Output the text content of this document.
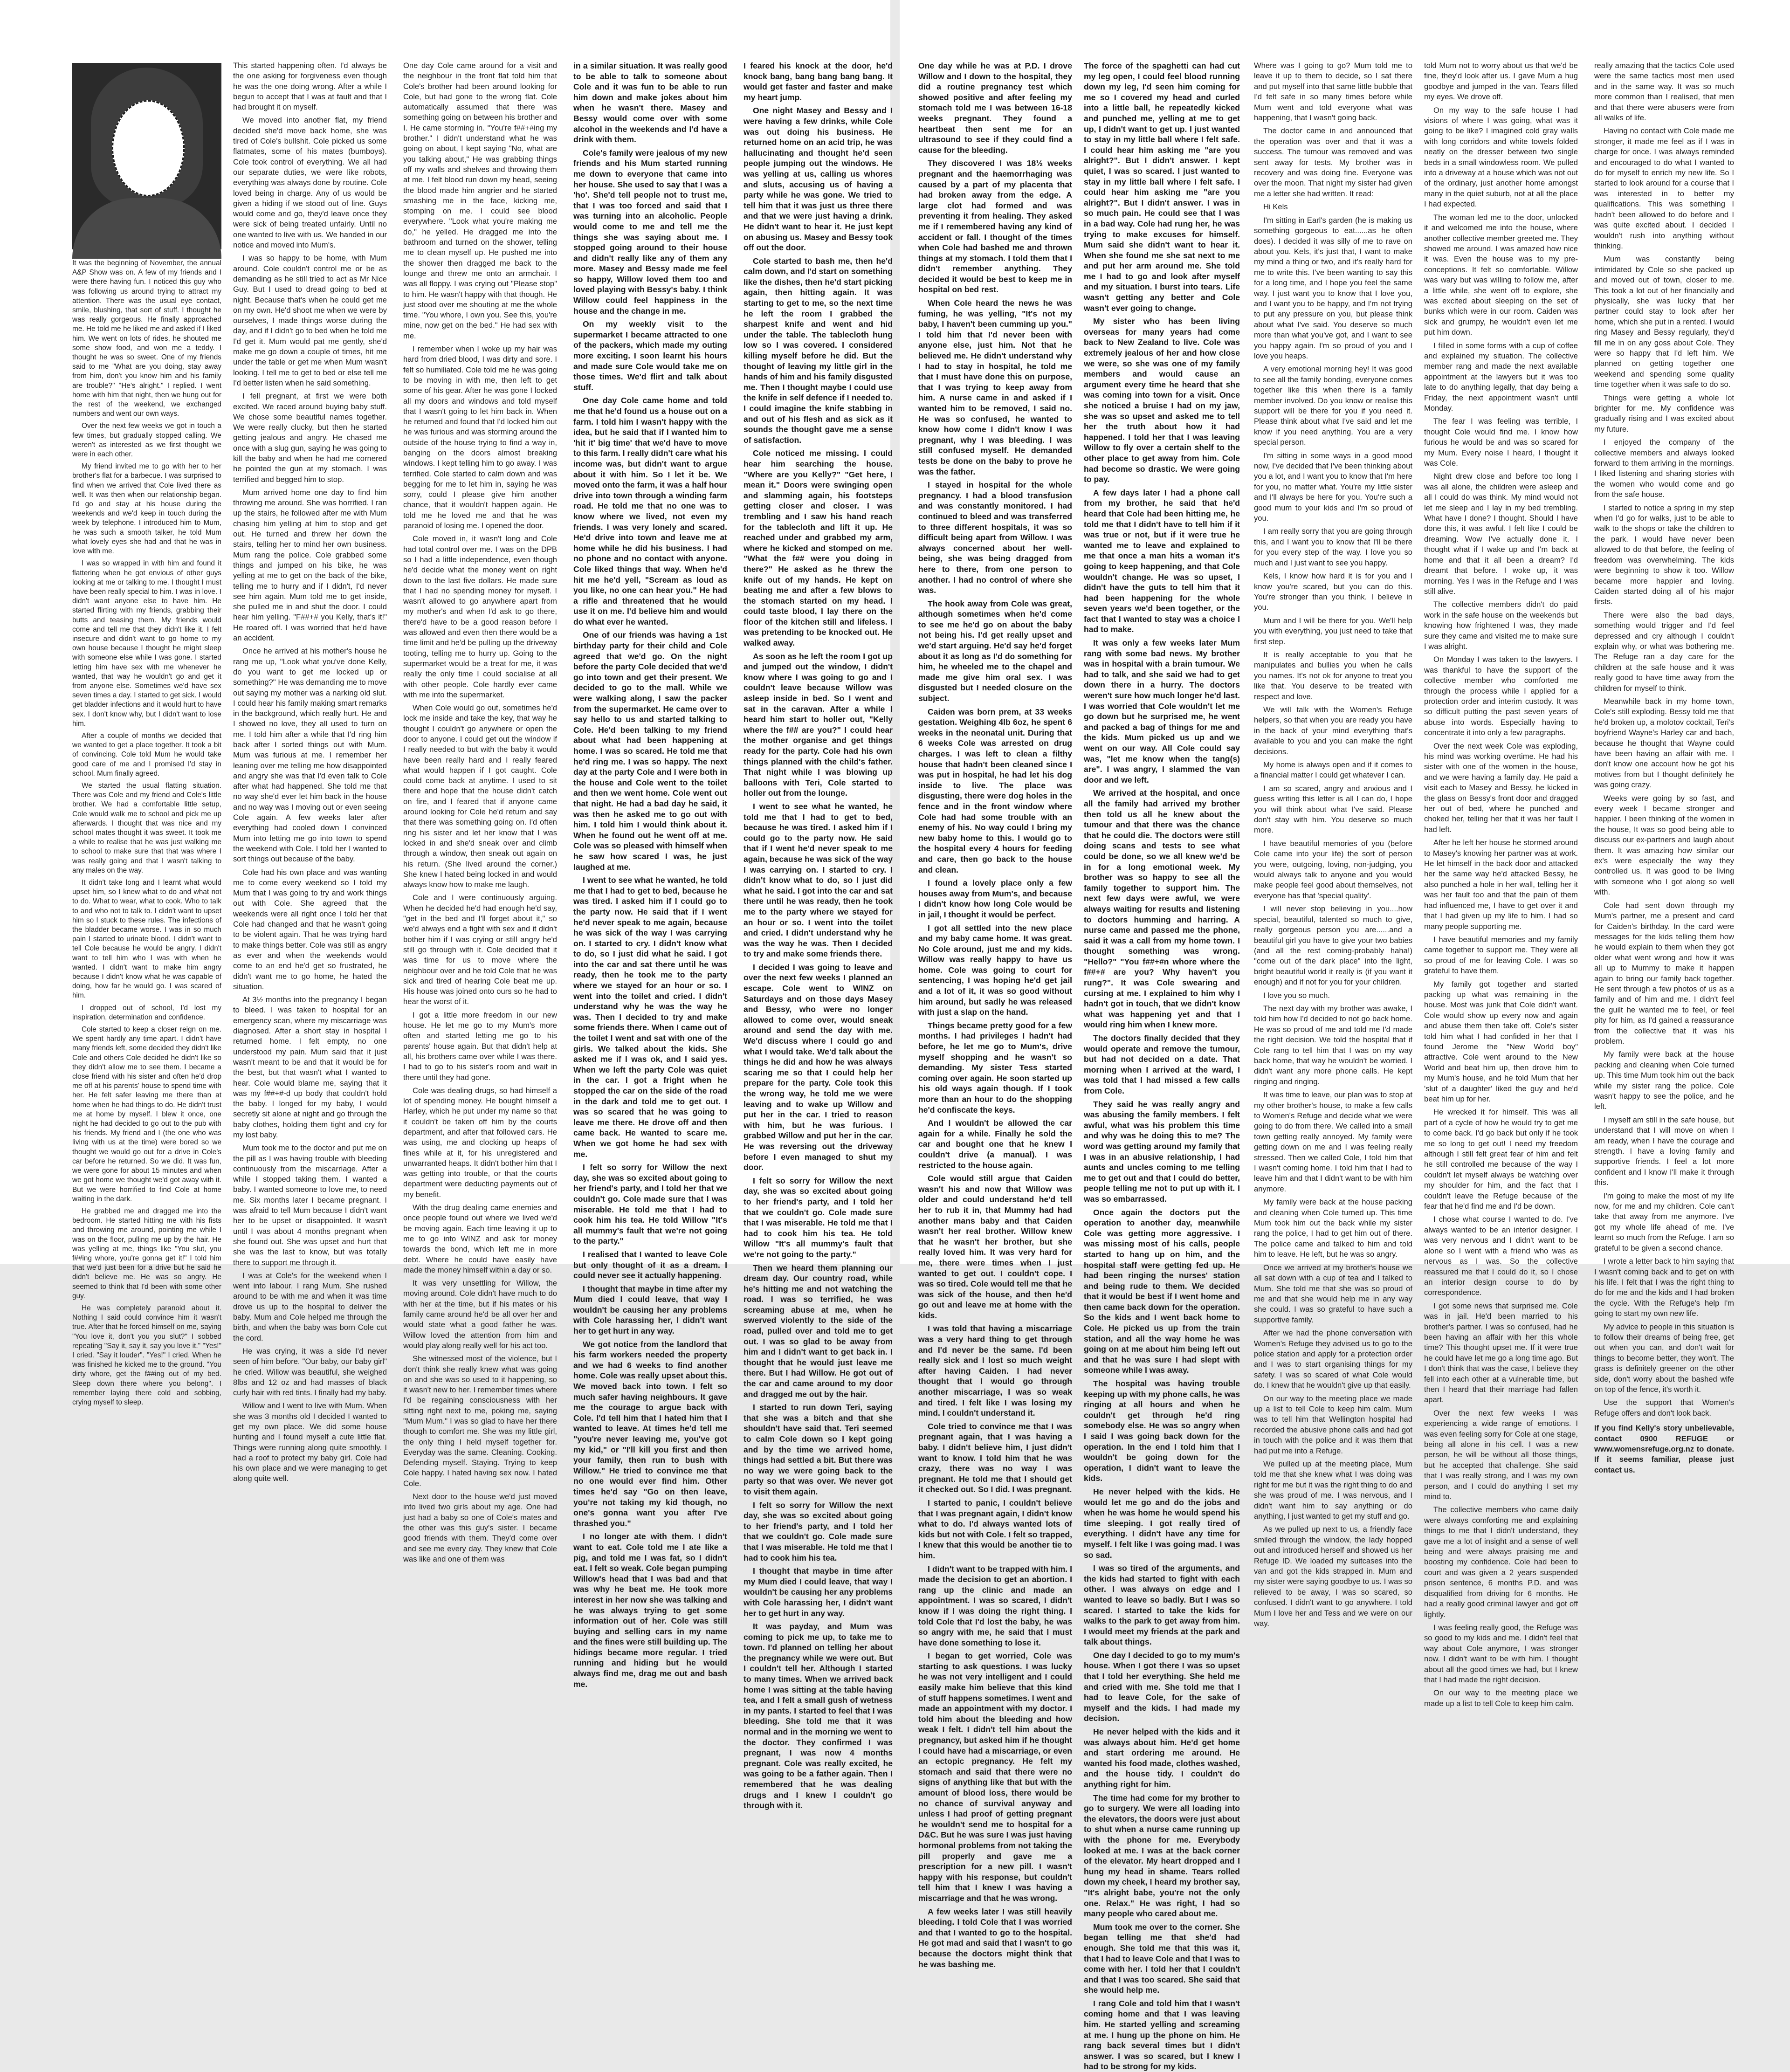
It was the beginning of November, the annual A&P Show was on. A few of my friends and I were there having fun. I noticed this guy who was following us around trying to attract my attention. There was the usual eye contact, smile, blushing, that sort of stuff. I thought he was really gorgeous. He finally approached me. He told me he liked me and asked if I liked him. We went on lots of rides, he shouted me some show food, and won me a teddy. I thought he was so sweet. One of my friends said to me "What are you doing, stay away from him, don't you know him and his family are trouble?" "He's alright." I replied. I went home with him that night, then we hung out for the rest of the weekend, we exchanged numbers and went our own ways.

Over the next few weeks we got in touch a few times, but gradually stopped calling. We weren't as interested as we first thought we were in each other.

My friend invited me to go with her to her brother's flat for a barbecue. I was surprised to find when we arrived that Cole lived there as well. It was then when our relationship began. I'd go and stay at his house during the weekends and we'd keep in touch during the week by telephone. I introduced him to Mum, he was such a smooth talker, he told Mum what lovely eyes she had and that he was in love with me.

I was so wrapped in with him and found it flattering when he got envious of other guys looking at me or talking to me. I thought I must have been really special to him. I was in love. I didn't want anyone else to have him. He started flirting with my friends, grabbing their butts and teasing them. My friends would come and tell me that they didn't like it. I felt insecure and didn't want to go home to my own house because I thought he might sleep with someone else while I was gone. I started letting him have sex with me whenever he wanted, that way he wouldn't go and get it from anyone else. Sometimes we'd have sex seven times a day. I started to get sick. I would get bladder infections and it would hurt to have sex. I don't know why, but I didn't want to lose him.

After a couple of months we decided that we wanted to get a place together. It took a bit of convincing. Cole told Mum he would take good care of me and I promised I'd stay in school. Mum finally agreed.

We started the usual flatting situation. There was Cole and my friend and Cole's little brother. We had a comfortable little setup, Cole would walk me to school and pick me up afterwards. I thought that was nice and my school mates thought it was sweet. It took me a while to realise that he was just walking me to school to make sure that that was where I was really going and that I wasn't talking to any males on the way.

It didn't take long and I learnt what would upset him, so I knew what to do and what not to do. What to wear, what to cook. Who to talk to and who not to talk to. I didn't want to upset him so I stuck to these rules. The infections of the bladder became worse. I was in so much pain I started to urinate blood. I didn't want to tell Cole because he would be angry. I didn't want to tell him who I was with when he wanted. I didn't want to make him angry because I didn't know what he was capable of doing, how far he would go. I was scared of him.

I dropped out of school, I'd lost my inspiration, determination and confidence.

Cole started to keep a closer reign on me. We spent hardly any time apart. I didn't have many friends left, some decided they didn't like Cole and others Cole decided he didn't like so they didn't allow me to see them. I became a close friend with his sister and often he'd drop me off at his parents' house to spend time with her. He felt safer leaving me there than at home when he had things to do. He didn't trust me at home by myself. I blew it once, one night he had decided to go out to the pub with his friends. My friend and I (the one who was living with us at the time) were bored so we thought we would go out for a drive in Cole's car before he returned. So we did. It was fun, we were gone for about 15 minutes and when we got home we thought we'd got away with it. But we were horrified to find Cole at home waiting in the dark.

He grabbed me and dragged me into the bedroom. He started hitting me with his fists and throwing me around, pointing me while I was on the floor, pulling me up by the hair. He was yelling at me, things like "You slut, you f##ing whore, you're gonna get it!" I told him that we'd just been for a drive but he said he didn't believe me. He was so angry. He seemed to think that I'd been with some other guy.

He was completely paranoid about it. Nothing I said could convince him it wasn't true. After that he forced himself on me, saying "You love it, don't you you slut?" I sobbed repeating "Say it, say it, say you love it." "Yes!" I cried. "Say it louder". "Yes!" I cried. When he was finished he kicked me to the ground. "You dirty whore, get the f##ing out of my bed. Sleep down there where you belong". I remember laying there cold and sobbing, crying myself to sleep.

This started happening often. I'd always be the one asking for forgiveness even though he was the one doing wrong. After a while I begun to accept that I was at fault and that I had brought it on myself.

We moved into another flat, my friend decided she'd move back home, she was tired of Cole's bullshit. Cole picked us some flatmates, some of his mates (bumboys). Cole took control of everything. We all had our separate duties, we were like robots, everything was always done by routine. Cole loved being in charge. Any of us would be given a hiding if we stood out of line. Guys would come and go, they'd leave once they were sick of being treated unfairly. Until no one wanted to live with us. We handed in our notice and moved into Mum's.

I was so happy to be home, with Mum around. Cole couldn't control me or be as demanding as he still tried to act as Mr Nice Guy. But I used to dread going to bed at night. Because that's when he could get me on my own. He'd shoot me when we were by ourselves, I made things worse during the day, and if I didn't go to bed when he told me I'd get it. Mum would pat me gently, she'd make me go down a couple of times, hit me under the table or get me when Mum wasn't looking. I tell me to get to bed or else tell me I'd better listen when he said something.

I fell pregnant, at first we were both excited. We raced around buying baby stuff. We chose some beautiful names together. We were really clucky, but then he started getting jealous and angry. He chased me once with a slug gun, saying he was going to kill the baby and when he had me cornered he pointed the gun at my stomach. I was terrified and begged him to stop.

Mum arrived home one day to find him throwing me around. She was horrified. I ran up the stairs, he followed after me with Mum chasing him yelling at him to stop and get out. He turned and threw her down the stairs, telling her to mind her own business. Mum rang the police. Cole grabbed some things and jumped on his bike, he was yelling at me to get on the back of the bike, telling me to hurry and if I didn't, I'd never see him again. Mum told me to get inside, she pulled me in and shut the door. I could hear him yelling. "F##+# you Kelly, that's it!" He roared off. I was worried that he'd have an accident.

Once he arrived at his mother's house he rang me up, "Look what you've done Kelly, do you want to get me locked up or something?" He was demanding me to move out saying my mother was a narking old slut. I could hear his family making smart remarks in the background, which really hurt. He and I showed no love, they all used to turn on me. I told him after a while that I'd ring him back after I sorted things out with Mum. Mum was furious at me. I remember her leaning over me telling me how disappointed and angry she was that I'd even talk to Cole after what had happened. She told me that no way she'd ever let him back in the house and no way was I moving out or even seeing Cole again. A few weeks later after everything had cooled down I convinced Mum into letting me go into town to spend the weekend with Cole. I told her I wanted to sort things out because of the baby.

Cole had his own place and was wanting me to come every weekend so I told my Mum that I was going to try and work things out with Cole. She agreed that the weekends were all right once I told her that Cole had changed and that he wasn't going to be violent again. That he was trying hard to make things better. Cole was still as angry as ever and when the weekends would come to an end he'd get so frustrated, he didn't want me to go home, he hated the situation.

At 3½ months into the pregnancy I began to bleed. I was taken to hospital for an emergency scan, where my miscarriage was diagnosed. After a short stay in hospital I returned home. I felt empty, no one understood my pain. Mum said that it just wasn't meant to be and that it would be for the best, but that wasn't what I wanted to hear. Cole would blame me, saying that it was my f##+#-d up body that couldn't hold the baby. I longed for my baby, I would secretly sit alone at night and go through the baby clothes, holding them tight and cry for my lost baby.

Mum took me to the doctor and put me on the pill as I was having trouble with bleeding continuously from the miscarriage. After a while I stopped taking them. I wanted a baby. I wanted someone to love me, to need me. Six months later I became pregnant. I was afraid to tell Mum because I didn't want her to be upset or disappointed. It wasn't until I was about 4 months pregnant when she found out. She was upset and hurt that she was the last to know, but was totally there to support me through it.

I was at Cole's for the weekend when I went into labour. I rang Mum. She rushed around to be with me and when it was time drove us up to the hospital to deliver the baby. Mum and Cole helped me through the birth, and when the baby was born Cole cut the cord.

He was crying, it was a side I'd never seen of him before. "Our baby, our baby girl" he cried. Willow was beautiful, she weighed 8lbs and 12 oz and had masses of black curly hair with red tints. I finally had my baby.

Willow and I went to live with Mum. When she was 3 months old I decided I wanted to get my own place. We did some house hunting and I found myself a cute little flat. Things were running along quite smoothly. I had a roof to protect my baby girl. Cole had his own place and we were managing to get along quite well.

One day Cole came around for a visit and the neighbour in the front flat told him that Cole's brother had been around looking for Cole, but had gone to the wrong flat. Cole automatically assumed that there was something going on between his brother and I. He came storming in. "You're f##+#ing my brother." I didn't understand what he was going on about, I kept saying "No, what are you talking about," He was grabbing things off my walls and shelves and throwing them at me. I felt blood run down my head, seeing the blood made him angrier and he started smashing me in the face, kicking me, stomping on me. I could see blood everywhere. "Look what you're making me do," he yelled. He dragged me into the bathroom and turned on the shower, telling me to clean myself up. He pushed me into the shower then dragged me back to the lounge and threw me onto an armchair. I was all floppy. I was crying out "Please stop" to him. He wasn't happy with that though. He just stood over me shouting at me the whole time. "You whore, I own you. See this, you're mine, now get on the bed." He had sex with me.

I remember when I woke up my hair was hard from dried blood, I was dirty and sore. I felt so humiliated. Cole told me he was going to be moving in with me, then left to get some of his gear. After he was gone I locked all my doors and windows and told myself that I wasn't going to let him back in. When he returned and found that I'd locked him out he was furious and was storming around the outside of the house trying to find a way in, banging on the doors almost breaking windows. I kept telling him to go away. I was terrified. Cole started to calm down and was begging for me to let him in, saying he was sorry, could I please give him another chance, that it wouldn't happen again. He told me he loved me and that he was paranoid of losing me. I opened the door.

Cole moved in, it wasn't long and Cole had total control over me. I was on the DPB so I had a little independence, even though he'd decide what the money went on right down to the last five dollars. He made sure that I had no spending money for myself. I wasn't allowed to go anywhere apart from my mother's and when I'd ask to go there, there'd have to be a good reason before I was allowed and even then there would be a time limit and he'd be pulling up the driveway tooting, telling me to hurry up. Going to the supermarket would be a treat for me, it was really the only time I could socialise at all with other people. Cole hardly ever came with me into the supermarket.

When Cole would go out, sometimes he'd lock me inside and take the key, that way he thought I couldn't go anywhere or open the door to anyone. I could get out the window if I really needed to but with the baby it would have been really hard and I really feared what would happen if I got caught. Cole could come back at anytime. I used to sit there and hope that the house didn't catch on fire, and I feared that if anyone came around looking for Cole he'd return and say that there was something going on. I'd often ring his sister and let her know that I was locked in and she'd sneak over and climb through a window, then sneak out again on his return. (She lived around the corner.) She knew I hated being locked in and would always know how to make me laugh.

Cole and I were continuously arguing. When he decided he'd had enough he'd say, "get in the bed and I'll forget about it," so we'd always end a fight with sex and it didn't bother him if I was crying or still angry he'd still go through with it. Cole decided that it was time for us to move where the neighbour over and he told Cole that he was sick and tired of hearing Cole beat me up. His house was joined onto ours so he had to hear the worst of it.

I got a little more freedom in our new house. He let me go to my Mum's more often and started letting me go to his parents' house again. But that didn't help at all, his brothers came over while I was there. I had to go to his sister's room and wait in there until they had gone.

Cole was dealing drugs, so had himself a lot of spending money. He bought himself a Harley, which he put under my name so that it couldn't be taken off him by the courts department, and after that followed cars. He was using, me and clocking up heaps of fines while at it, for his unregistered and unwarranted heaps. It didn't bother him that I was getting into trouble, or that the courts department were deducting payments out of my benefit.

With the drug dealing came enemies and once people found out where we lived we'd be moving again. Each time leaving it up to me to go into WINZ and ask for money towards the bond, which left me in more debt. Where he could have easily have made the money himself within a day or so.

It was very unsettling for Willow, the moving around. Cole didn't have much to do with her at the time, but if his mates or his family came around he'd be all over her and would state what a good father he was. Willow loved the attention from him and would play along really well for his act too.

She witnessed most of the violence, but I don't think she really knew what was going on and she was so used to it happening, so it wasn't new to her. I remember times where I'd be regaining consciousness with her sitting right next to me, poking me, saying "Mum Mum." I was so glad to have her there though to comfort me. She was my little girl, the only thing I held myself together for. Everyday was the same. Cleaning. Cooking. Defending myself. Staying. Trying to keep Cole happy. I hated having sex now. I hated Cole.

Next door to the house we'd just moved into lived two girls about my age. One had just had a baby so one of Cole's mates and the other was this guy's sister. I became good friends with them. They'd come over and see me every day. They knew that Cole was like and one of them was

in a similar situation. It was really good to be able to talk to someone about Cole and it was fun to be able to run him down and make jokes about him when he wasn't there. Masey and Bessy would come over with some alcohol in the weekends and I'd have a drink with them.

Cole's family were jealous of my new friends and his Mum started running me down to everyone that came into her house. She used to say that I was a 'ho'. She'd tell people not to trust me, that I was too forced and said that I was turning into an alcoholic. People would come to me and tell me the things she was saying about me. I stopped going around to their house and didn't really like any of them any more. Masey and Bessy made me feel so happy, Willow loved them too and loved playing with Bessy's baby. I think Willow could feel happiness in the house and the change in me.

On my weekly visit to the supermarket I became attracted to one of the packers, which made my outing more exciting. I soon learnt his hours and made sure Cole would take me on those times. We'd flirt and talk about stuff.

One day Cole came home and told me that he'd found us a house out on a farm. I told him I wasn't happy with the idea, but he said that if I wanted him to 'hit it' big time' that we'd have to move to this farm. I really didn't care what his income was, but didn't want to argue about it with him. So I let it be. We moved onto the farm, it was a half hour drive into town through a winding farm road. He told me that no one was to know where we lived, not even my friends. I was very lonely and scared. He'd drive into town and leave me at home while he did his business. I had no phone and no contact with anyone. Cole liked things that way. When he'd hit me he'd yell, "Scream as loud as you like, no one can hear you." He had a rifle and threatened that he would use it on me. I'd believe him and would do what ever he wanted.

One of our friends was having a 1st birthday party for their child and Cole agreed that we'd go. On the night before the party Cole decided that we'd go into town and get their present. We decided to go to the mall. While we were walking along, I saw the packer from the supermarket. He came over to say hello to us and started talking to Cole. He'd been talking to my friend about what had been happening at home. I was so scared. He told me that he'd ring me. I was so happy. The next day at the party Cole and I were both in the house and Cole went to the toilet and then we went home. Cole went out that night. He had a bad day he said, it was then he asked me to go out with him. I told him I would think about it. When he found out he went off at me. Cole was so pleased with himself when he saw how scared I was, he just laughed at me.

I went to see what he wanted, he told me that I had to get to bed, because he was tired. I asked him if I could go to the party now. He said that if I went he'd never speak to me again, because he was sick of the way I was carrying on. I started to cry. I didn't know what to do, so I just did what he said. I got into the car and sat there until he was ready, then he took me to the party where we stayed for an hour or so. I went into the toilet and cried. I didn't understand why he was the way he was. Then I decided to try and make some friends there. When I came out of the toilet I went and sat with one of the girls. We talked about the kids. She asked me if I was ok, and I said yes. When we left the party Cole was quiet in the car. I got a fright when he stopped the car on the side of the road in the dark and told me to get out. I was so scared that he was going to leave me there. He drove off and then came back. He wanted to scare me. When we got home he had sex with me.

I felt so sorry for Willow the next day, she was so excited about going to her friend's party, and I told her that we couldn't go. Cole made sure that I was miserable. He told me that I had to cook him his tea. He told Willow "It's all mummy's fault that we're not going to the party."

I realised that I wanted to leave Cole but only thought of it as a dream. I could never see it actually happening.

I thought that maybe in time after my Mum died I could leave, that way I wouldn't be causing her any problems with Cole harassing her, I didn't want her to get hurt in any way.

We got notice from the landlord that his farm workers needed the property and we had 6 weeks to find another home. Cole was really upset about this. We moved back into town. I felt so much safer having neighbours. It gave me the courage to argue back with Cole. I'd tell him that I hated him that I wanted to leave. At times he'd tell me "you're never leaving me, you've got my kid," or "I'll kill you first and then your family, then run to bush with Willow." He tried to convince me that no one would ever find him. Other times he'd say "Go on then leave, you're not taking my kid though, no one's gonna want you after I've thrashed you."

I no longer ate with them. I didn't want to eat. Cole told me I ate like a pig, and told me I was fat, so I didn't eat. I felt so weak. Cole began pumping Willow's head that I was bad and that was why he beat me. He took more interest in her now she was talking and he was always trying to get some information out of her. Cole was still buying and selling cars in my name and the fines were still building up. The hidings became more regular. I tried running and hiding but he would always find me, drag me out and bash me.

I feared his knock at the door, he'd knock bang, bang bang bang bang. It would get faster and faster and make my heart jump.

One night Masey and Bessy and I were having a few drinks, while Cole was out doing his business. He returned home on an acid trip, he was hallucinating and thought he'd seen people jumping out the windows. He was yelling at us, calling us whores and sluts, accusing us of having a party while he was gone. We tried to tell him that it was just us three there and that we were just having a drink. He didn't want to hear it. He just kept on abusing us. Masey and Bessy took off out the door.

Cole started to bash me, then he'd calm down, and I'd start on something like the dishes, then he'd start picking again, then hitting again. It was starting to get to me, so the next time he left the room I grabbed the sharpest knife and went and hid under the table. The tablecloth hung low so I was covered. I considered killing myself before he did. But the thought of leaving my little girl in the hands of him and his family disgusted me. Then I thought maybe I could use the knife in self defence if I needed to. I could imagine the knife stabbing in and out of his flesh and as sick as it sounds the thought gave me a sense of satisfaction.

Cole noticed me missing. I could hear him searching the house. "Where are you Kelly?" "Get here, I mean it." Doors were swinging open and slamming again, his footsteps getting closer and closer. I was trembling and I saw his hand reach for the tablecloth and lift it up. He reached under and grabbed my arm, where he kicked and stomped on me. "What the f## were you doing in there?" He asked as he threw the knife out of my hands. He kept on beating me and after a few blows to the stomach started on my head. I could taste blood, I lay there on the floor of the kitchen still and lifeless. I was pretending to be knocked out. He walked away.

As soon as he left the room I got up and jumped out the window, I didn't know where I was going to go and I couldn't leave because Willow was asleep inside in bed. So I went and sat in the caravan. After a while I heard him start to holler out, "Kelly where the f## are you?" I could hear the mother organise and get things ready for the party. Cole had his own things planned with the child's father. That night while I was blowing up balloons with Teri, Cole started to holler out from the lounge.

I went to see what he wanted, he told me that I had to get to bed, because he was tired. I asked him if I could go to the party now. He said that if I went he'd never speak to me again, because he was sick of the way I was carrying on. I started to cry. I didn't know what to do, so I just did what he said. I got into the car and sat there until he was ready, then he took me to the party where we stayed for an hour or so. I went into the toilet and cried. I didn't understand why he was the way he was. Then I decided to try and make some friends there.

I decided I was going to leave and over the next few weeks I planned an escape. Cole went to WINZ on Saturdays and on those days Masey and Bessy, who were no longer allowed to come over, would sneak around and send the day with me. We'd discuss where I could go and what I would take. We'd talk about the things he did and how he was always scaring me so that I could help her prepare for the party. Cole took this the wrong way, he told me we were leaving and to wake up Willow and put her in the car. I tried to reason with him, but he was furious. I grabbed Willow and put her in the car. He was reversing out the driveway before I even managed to shut my door.

I felt so sorry for Willow the next day, she was so excited about going to her friend's party, and I told her that we couldn't go. Cole made sure that I was miserable. He told me that I had to cook him his tea. He told Willow "It's all mummy's fault that we're not going to the party."

Then we heard them planning our dream day. Our country road, while he's hitting me and not watching the road. I was so terrified, he was screaming abuse at me, when he swerved violently to the side of the road, pulled over and told me to get out. I was so glad to be away from him and I didn't want to get back in. I thought that he would just leave me there. But I had Willow. He got out of the car and came around to my door and dragged me out by the hair.

I started to run down Teri, saying that she was a bitch and that she shouldn't have said that. Teri seemed to calm Cole down so I kept going and by the time we arrived home, things had settled a bit. But there was no way we were going back to the party so that was over. We never got to visit them again.

I felt so sorry for Willow the next day, she was so excited about going to her friend's party, and I told her that we couldn't go. Cole made sure that I was miserable. He told me that I had to cook him his tea.

I thought that maybe in time after my Mum died I could leave, that way I wouldn't be causing her any problems with Cole harassing her, I didn't want her to get hurt in any way.

It was payday, and Mum was coming to pick me up, to take me to town. I'd planned on telling her about the pregnancy while we were out. But I couldn't tell her. Although I started to many times. When we arrived back home I was sitting at the table having tea, and I felt a small gush of wetness in my pants. I started to feel that I was bleeding. She told me that it was normal and in the morning we went to the doctor. They confirmed I was pregnant, I was now 4 months pregnant. Cole was really excited, he was going to be a father again. Then I remembered that he was dealing drugs and I knew I couldn't go through with it.

One day while he was at P.D. I drove Willow and I down to the hospital, they did a routine pregnancy test which showed positive and after feeling my stomach told me I was between 16-18 weeks pregnant. They found a heartbeat then sent me for an ultrasound to see if they could find a cause for the bleeding.

They discovered I was 18½ weeks pregnant and the haemorrhaging was caused by a part of my placenta that had broken away from the edge. A large clot had formed and was preventing it from healing. They asked me if I remembered having any kind of accident or fall. I thought of the times when Cole had bashed me and thrown things at my stomach. I told them that I didn't remember anything. They decided it would be best to keep me in hospital on bed rest.

When Cole heard the news he was fuming, he was yelling, "It's not my baby, I haven't been cumming up you." I told him that I'd never been with anyone else, just him. Not that he believed me. He didn't understand why I had to stay in hospital, he told me that I must have done this on purpose, that I was trying to keep away from him. A nurse came in and asked if I wanted him to be removed, I said no. He was so confused, he wanted to know how come I didn't know I was pregnant, why I was bleeding. I was still confused myself. He demanded tests be done on the baby to prove he was the father.

I stayed in hospital for the whole pregnancy. I had a blood transfusion and was constantly monitored. I had continued to bleed and was transferred to three different hospitals, it was so difficult being apart from Willow. I was always concerned about her well-being, she was being dragged from here to there, from one person to another. I had no control of where she was.

The hook away from Cole was great, although sometimes when he'd come to see me he'd go on about the baby not being his. I'd get really upset and we'd start arguing. He'd say he'd forget about it as long as I'd do something for him, he wheeled me to the chapel and made me give him oral sex. I was disgusted but I needed closure on the subject.

Caiden was born prem, at 33 weeks gestation. Weighing 4lb 6oz, he spent 6 weeks in the neonatal unit. During that 6 weeks Cole was arrested on drug charges. I was left to clean a filthy house that hadn't been cleaned since I was put in hospital, he had let his dog inside to live. The place was disgusting, there were dog holes in the fence and in the front window where Cole had had some trouble with an enemy of his. No way could I bring my new baby home to this. I would go to the hospital every 4 hours for feeding and care, then go back to the house and clean.

I found a lovely place only a few houses away from Mum's, and because I didn't know how long Cole would be in jail, I thought it would be perfect.

I got all settled into the new place and my baby came home. It was great. No Cole around, just me and my kids. Willow was really happy to have us home. Cole was going to court for sentencing, I was hoping he'd get jail and a lot of it, it was so good without him around, but sadly he was released with just a slap on the hand.

Things became pretty good for a few months. I had privileges I hadn't had before, he let me go to Mum's, drive myself shopping and he wasn't so demanding. My sister Tess started coming over again. He soon started up his old ways again though. If I took more than an hour to do the shopping he'd confiscate the keys.

And I wouldn't be allowed the car again for a while. Finally he sold the car and bought one that he knew I couldn't drive (a manual). I was restricted to the house again.

Cole would still argue that Caiden wasn't his and now that Willow was older and could understand he'd tell her to rub it in, that Mummy had had another mans baby and that Caiden wasn't her real brother. Willow knew that he wasn't her brother, but she really loved him. It was very hard for me, there were times when I just wanted to get out. I couldn't cope. I was so tired. Cole would tell me that he was sick of the house, and then he'd go out and leave me at home with the kids.

I was told that having a miscarriage was a very hard thing to get through and I'd never be the same. I'd been really sick and I lost so much weight after having Caiden. I had never thought that I would go through another miscarriage, I was so weak and tired. I felt like I was losing my mind. I couldn't understand it.

Cole tried to convince me that I was pregnant again, that I was having a baby. I didn't believe him, I just didn't want to know. I told him that he was crazy, there was no way I was pregnant. He told me that I should get it checked out. So I did. I was pregnant.

I started to panic, I couldn't believe that I was pregnant again, I didn't know what to do. I'd always wanted lots of kids but not with Cole. I felt so trapped, I knew that this would be another tie to him.

I didn't want to be trapped with him. I made the decision to get an abortion. I rang up the clinic and made an appointment. I was so scared, I didn't know if I was doing the right thing. I told Cole that I'd lost the baby, he was so angry with me, he said that I must have done something to lose it.

I began to get worried, Cole was starting to ask questions. I was lucky he was not very intelligent and I could easily make him believe that this kind of stuff happens sometimes. I went and made an appointment with my doctor. I told him about the bleeding and how weak I felt. I didn't tell him about the pregnancy, but asked him if he thought I could have had a miscarriage, or even an ectopic pregnancy. He felt my stomach and said that there were no signs of anything like that but with the amount of blood loss, there would be no chance of survival anyway and unless I had proof of getting pregnant he wouldn't send me to hospital for a D&C. But he was sure I was just having hormonal problems from not taking the pill properly and gave me a prescription for a new pill. I wasn't happy with his response, but couldn't tell him that I knew I was having a miscarriage and that he was wrong.

A few weeks later I was still heavily bleeding. I told Cole that I was worried and that I wanted to go to the hospital. He got mad and said that I wasn't to go because the doctors might think that he was bashing me.

The force of the spaghetti can had cut my leg open, I could feel blood running down my leg, I'd seen him coming for me so I covered my head and curled into a little ball, he repeatedly kicked and punched me, yelling at me to get up, I didn't want to get up. I just wanted to stay in my little ball where I felt safe. I could hear him asking me "are you alright?". But I didn't answer. I kept quiet, I was so scared. I just wanted to stay in my little ball where I felt safe. I could hear him asking me "are you alright?". But I didn't answer. I was in so much pain. He could see that I was in a bad way. Cole had rung her, he was trying to make excuses for himself. Mum said she didn't want to hear it. When she found me she sat next to me and put her arm around me. She told me I had to go and look after myself and my situation. I burst into tears. Life wasn't getting any better and Cole wasn't ever going to change.

My sister who has been living overseas for many years had come back to New Zealand to live. Cole was extremely jealous of her and how close we were, so she was one of my family members and would cause an argument every time he heard that she was coming into town for a visit. Once she noticed a bruise I had on my jaw, she was so upset and asked me to tell her the truth about how it had happened. I told her that I was leaving Willow to fly over a certain shelf to the other place to get away from him. Cole had become so drastic. We were going to pay.

A few days later I had a phone call from my brother, he said that he'd heard that Cole had been hitting me, he told me that I didn't have to tell him if it was true or not, but if it were true he wanted me to leave and explained to me that once a man hits a woman it's going to keep happening, and that Cole wouldn't change. He was so upset, I didn't have the guts to tell him that it had been happening for the whole seven years we'd been together, or the fact that I wanted to stay was a choice I had to make.

It was only a few weeks later Mum rang with some bad news. My brother was in hospital with a brain tumour. We had to talk, and she said we had to get down there in a hurry. The doctors weren't sure how much longer he'd last. I was worried that Cole wouldn't let me go down but he surprised me, he went and packed a bag of things for me and the kids. Mum picked us up and we went on our way. All Cole could say was, "let me know when the tang(s) are". I was angry, I slammed the van door and we left.

We arrived at the hospital, and once all the family had arrived my brother then told us all he knew about the tumour and that there was the chance that he could die. The doctors were still doing scans and tests to see what could be done, so we all knew we'd be in for a long emotional week. My brother was so happy to see all the family together to support him. The next few days were awful, we were always waiting for results and listening to doctors humming and harring. A nurse came and passed me the phone, said it was a call from my home town. I thought something was wrong. "Hello?" "You f##+#n whore where the f##+# are you? Why haven't you rung?". It was Cole swearing and cursing at me. I explained to him why I hadn't got in touch, that we didn't know what was happening yet and that I would ring him when I knew more.

The doctors finally decided that they would operate and remove the tumour, but had not decided on a date. That morning when I arrived at the ward, I was told that I had missed a few calls from Cole.

They said he was really angry and was abusing the family members. I felt awful, what was his problem this time and why was he doing this to me? The word was getting around my family that I was in an abusive relationship, I had aunts and uncles coming to me telling me to get out and that I could do better, people telling me not to put up with it. I was so embarrassed.

Once again the doctors put the operation to another day, meanwhile Cole was getting more aggressive. I was missing most of his calls, people started to hang up on him, and the hospital staff were getting fed up. He had been ringing the nurses' station and being rude to them. We decided that it would be best if I went home and then came back down for the operation. So the kids and I went back home to Cole. He picked us up from the train station, and all the way home he was going on at me about him being left out and that he was sure I had slept with someone while I was away.

The hospital was having trouble keeping up with my phone calls, he was ringing at all hours and when he couldn't get through he'd ring somebody else. He was so angry when I said I was going back down for the operation. In the end I told him that I wouldn't be going down for the operation, I didn't want to leave the kids.

He never helped with the kids. He would let me go and do the jobs and when he was home he would spend his time sleeping. I got really tired of everything. I didn't have any time for myself. I felt like I was going mad. I was so sad.

I was so tired of the arguments, and the kids had started to fight with each other. I was always on edge and I wanted to leave so badly. But I was so scared. I started to take the kids for walks to the park to get away from him. I would meet my friends at the park and talk about things.

One day I decided to go to my mum's house. When I got there I was so upset that I told her everything. She held me and cried with me. She told me that I had to leave Cole, for the sake of myself and the kids. I had made my decision.

He never helped with the kids and it was always about him. He'd get home and start ordering me around. He wanted his food made, clothes washed, and the house tidy. I couldn't do anything right for him.

The time had come for my brother to go to surgery. We were all loading into the elevators, the doors were just about to shut when a nurse came running up with the phone for me. Everybody looked at me. I was at the back corner of the elevator. My heart dropped and I hung my head in shame. Tears rolled down my cheek, I heard my brother say, "It's alright babe, you're not the only one. Relax." He was right, I had so many people who cared about me.

Mum took me over to the corner. She began telling me that she'd had enough. She told me that this was it, that I had to leave Cole and that I was to come with her. I told her that I couldn't and that I was too scared. She said that she would help me.

I rang Cole and told him that I wasn't coming home and that I was leaving him. He started yelling and screaming at me. I hung up the phone on him. He rang back several times but I didn't answer. I was so scared, but I knew I had to be strong for my kids.

Where was I going to go? Mum told me to leave it up to them to decide, so I sat there and put myself into that same little bubble that I'd felt safe in so many times before while Mum went and told everyone what was happening, that I wasn't going back.

The doctor came in and announced that the operation was over and that it was a success. The tumour was removed and was sent away for tests. My brother was in recovery and was doing fine. Everyone was over the moon. That night my sister had given me a letter she had written. It read:

Hi Kels

I'm sitting in Earl's garden (he is making us something gorgeous to eat......as he often does). I decided it was silly of me to rave on about you. Kels, it's just that, I want to make my mind a thing or two, and it's really hard for me to write this. I've been wanting to say this for a long time, and I hope you feel the same way. I just want you to know that I love you, and I want you to be happy, and I'm not trying to put any pressure on you, but please think about what I've said. You deserve so much more than what you've got, and I want to see you happy again. I'm so proud of you and I love you heaps.

A very emotional morning hey! It was good to see all the family bonding, everyone comes together like this when there is a family member involved. Do you know or realise this support will be there for you if you need it. Please think about what I've said and let me know if you need anything. You are a very special person.

I'm sitting in some ways in a good mood now, I've decided that I've been thinking about you a lot, and I want you to know that I'm here for you, no matter what. You're my little sister and I'll always be here for you. You're such a good mum to your kids and I'm so proud of you.

I am really sorry that you are going through this, and I want you to know that I'll be there for you every step of the way. I love you so much and I just want to see you happy.

Kels, I know how hard it is for you and I know you're scared, but you can do this. You're stronger than you think. I believe in you.

Mum and I will be there for you. We'll help you with everything, you just need to take that first step.

It is really acceptable to you that he manipulates and bullies you when he calls you names. It's not ok for anyone to treat you like that. You deserve to be treated with respect and love.

We will talk with the Women's Refuge helpers, so that when you are ready you have in the back of your mind everything that's available to you and you can make the right decisions.

My home is always open and if it comes to a financial matter I could get whatever I can.

I am so scared, angry and anxious and I guess writing this letter is all I can do, I hope you will think about what I've said. Please don't stay with him. You deserve so much more.

I have beautiful memories of you (before Cole came into your life) the sort of person you were, outgoing, loving, non-judging, you would always talk to anyone and you would make people feel good about themselves, not everyone has that 'special quality'.

I will never stop believing in you....how special, beautiful, talented so much to give, really gorgeous person you are......and a beautiful girl you have to give your two babies (and all the rest coming-probably haha!) "come out of the dark place" into the light, bright beautiful world it really is (if you want it enough) and if not for you for your children.

I love you so much.

The next day with my brother was awake, I told him how I'd decided to not go back home. He was so proud of me and told me I'd made the right decision. We told the hospital that if Cole rang to tell him that I was on my way back home, that way he wouldn't be worried. I didn't want any more phone calls. He kept ringing and ringing.

It was time to leave, our plan was to stop at my other brother's house, to make a few calls to Women's Refuge and decide what we were going to do from there. We called into a small town getting really annoyed. My family were getting down on me and I was feeling really stressed. Then we called Cole, I told him that I wasn't coming home. I told him that I had to leave him and that I didn't want to be with him anymore.

My family were back at the house packing and cleaning when Cole turned up. This time Mum took him out the back while my sister rang the police, I had to get him out of there. The police came and talked to him and told him to leave. He left, but he was so angry.

Once we arrived at my brother's house we all sat down with a cup of tea and I talked to Mum. She told me that she was so proud of me and that she would help me in any way she could. I was so grateful to have such a supportive family.

After we had the phone conversation with Women's Refuge they advised us to go to the police station and apply for a protection order and I was to start organising things for my safety. I was so scared of what Cole would do. I knew that he wouldn't give up that easily.

On our way to the meeting place we made up a list to tell Cole to keep him calm. Mum was to tell him that Wellington hospital had recorded the abusive phone calls and had got in touch with the police and it was them that had put me into a Refuge.

We pulled up at the meeting place, Mum told me that she knew what I was doing was right for me but it was the right thing to do and she was proud of me. I was nervous, and I didn't want him to say anything or do anything, I just wanted to get my stuff and go.

As we pulled up next to us, a friendly face smiled through the window, the lady hopped out and introduced herself and showed us her Refuge ID. We loaded my suitcases into the van and got the kids strapped in. Mum and my sister were saying goodbye to us. I was so relieved to be away, I was so scared, so confused. I didn't want to go anywhere. I told Mum I love her and Tess and we were on our way.

told Mum not to worry about us that we'd be fine, they'd look after us. I gave Mum a hug goodbye and jumped in the van. Tears filled my eyes. We drove off.

On my way to the safe house I had visions of where I was going, what was it going to be like? I imagined cold gray walls with long corridors and white towels folded neatly on the dresser between two single beds in a small windowless room. We pulled into a driveway at a house which was not out of the ordinary, just another home amongst many in the quiet suburb, not at all the place I had expected.

The woman led me to the door, unlocked it and welcomed me into the house, where another collective member greeted me. They showed me around. I was amazed how nice it was. Even the house was to my pre-conceptions. It felt so comfortable. Willow was wary but was willing to follow me, after a little while, she went off to explore, she was excited about sleeping on the set of bunks which were in our room. Caiden was sick and grumpy, he wouldn't even let me put him down.

I filled in some forms with a cup of coffee and explained my situation. The collective member rang and made the next available appointment at the lawyers but it was too late to do anything legally, that day being a Friday, the next appointment wasn't until Monday.

The fear I was feeling was terrible, I thought Cole would find me. I know how furious he would be and was so scared for my Mum. Every noise I heard, I thought it was Cole.

Night drew close and before too long I was all alone, the children were asleep and all I could do was think. My mind would not let me sleep and I lay in my bed trembling. What have I done? I thought. Should I have done this, it was awful. I felt like I could be dreaming. Wow I've actually done it. I thought what if I wake up and I'm back at home and that it all been a dream? I'd dreamt that before. I woke up, it was morning. Yes I was in the Refuge and I was still alive.

The collective members didn't do paid work in the safe house on the weekends but knowing how frightened I was, they made sure they came and visited me to make sure I was alright.

On Monday I was taken to the lawyers. I was thankful to have the support of the collective member who comforted me through the process while I applied for a protection order and interim custody. It was so difficult putting the past seven years of abuse into words. Especially having to concentrate it into only a few paragraphs.

Over the next week Cole was exploding, his mind was working overtime. He had his sister with one of the women in the house, and we were having a family day. He paid a visit each to Masey and Bessy, he kicked in the glass on Bessy's front door and dragged her out of bed, where he punched and choked her, telling her that it was her fault I had left.

After he left her house he stormed around to Masey's knowing her partner was at work. He let himself in the back door and attacked her the same way he'd attacked Bessy, he also punched a hole in her wall, telling her it was her fault too and that the pain of them had influenced me, I have to get over it and that I had given up my life to him. I had so many people supporting me.

I have beautiful memories and my family came together to support me. They were all so proud of me for leaving Cole. I was so grateful to have them.

My family got together and started packing up what was remaining in the house. Most was junk that Cole didn't want. Cole would show up every now and again and abuse them then take off. Cole's sister told him what I had confided in her that I found Jerome the "New World boy" attractive. Cole went around to the New World and beat him up, then drove him to my Mum's house, and he told Mum that her 'slut of a daughter' liked the guy and he'd beat him up for her.

He wrecked it for himself. This was all part of a cycle of how he would try to get me to come back. I'd go back but only if he took me so long to get out! I need my freedom although I still felt great fear of him and felt he still controlled me because of the way I couldn't let myself always be watching over my shoulder for him, and the fact that I couldn't leave the Refuge because of the fear that he'd find me and I'd be down.

I chose what course I wanted to do. I've always wanted to be an interior designer. I was very nervous and I didn't want to be alone so I went with a friend who was as nervous as I was. So the collective reassured me that I could do it, so I chose an interior design course to do by correspondence.

I got some news that surprised me. Cole was in jail. He'd been married to his brother's partner. I was so confused, had he been having an affair with her this whole time? This thought upset me. If it were true he could have let me go a long time ago. But I don't think that was the case, I believe they fell into each other at a vulnerable time, but then I heard that their marriage had fallen apart.

Over the next few weeks I was experiencing a wide range of emotions. I was even feeling sorry for Cole at one stage, being all alone in his cell. I was a new person, he will be without all those things, but he accepted that challenge. She said that I was really strong, and I was my own person, and I could do anything I set my mind to.

The collective members who came daily were always comforting me and explaining things to me that I didn't understand, they gave me a lot of insight and a sense of well being and were always praising me and boosting my confidence. Cole had been to court and was given a 2 years suspended prison sentence, 6 months P.D. and was disqualified from driving for 6 months. He had a really good criminal lawyer and got off lightly.

I was feeling really good, the Refuge was so good to my kids and me. I didn't feel that way about Cole anymore, I was stronger now. I didn't want to be with him. I thought about all the good times we had, but I knew that I had made the right decision.

On our way to the meeting place we made up a list to tell Cole to keep him calm.

really amazing that the tactics Cole used were the same tactics most men used and in the same way. It was so much more common than I realised, that men and that there were abusers were from all walks of life.

Having no contact with Cole made me stronger, it made me feel as if I was in charge for once. I was always reminded and encouraged to do what I wanted to do for myself to enrich my new life. So I started to look around for a course that I was interested in to better my qualifications. This was something I hadn't been allowed to do before and I was quite excited about. I decided I wouldn't rush into anything without thinking.

Mum was constantly being intimidated by Cole so she packed up and moved out of town, closer to me. This took a lot out of her financially and physically, she was lucky that her partner could stay to look after her home, which she put in a rented. I would ring Masey and Bessy regularly, they'd fill me in on any goss about Cole. They were so happy that I'd left him. We planned on getting together one weekend and spending some quality time together when it was safe to do so.

Things were getting a whole lot brighter for me. My confidence was gradually rising and I was excited about my future.

I enjoyed the company of the collective members and always looked forward to them arriving in the mornings. I liked listening and sharing stories with the women who would come and go from the safe house.

I started to notice a spring in my step when I'd go for walks, just to be able to walk to the shops or take the children to the park. I would have never been allowed to do that before, the feeling of freedom was overwhelming. The kids were beginning to show it too. Willow became more happier and loving. Caiden started doing all of his major firsts.

There were also the bad days, something would trigger and I'd feel depressed and cry although I couldn't explain why, or what was bothering me. The Refuge ran a day care for the children at the safe house and it was really good to have time away from the children for myself to think.

Meanwhile back in my home town, Cole's still exploding. Bessy told me that he'd broken up, a molotov cocktail, Teri's boyfriend Wayne's Harley car and bach, because he thought that Wayne could have been having an affair with me. I don't know one account how he got his motives from but I thought definitely he was going crazy.

Weeks were going by so fast, and every week I became stronger and happier. I been thinking of the women in the house, It was so good being able to discuss our ex-partners and laugh about them. It was amazing how similar our ex's were especially the way they controlled us. It was good to be living with someone who I got along so well with.

Cole had sent down through my Mum's partner, me a present and card for Caiden's birthday. In the card were messages for the kids telling them how he would explain to them when they got older what went wrong and how it was all up to Mummy to make it happen again to bring our family back together. He sent through a few photos of us as a family and of him and me. I didn't feel the guilt he wanted me to feel, or feel pity for him, as I'd gained a reassurance from the collective that it was his problem.

My family were back at the house packing and cleaning when Cole turned up. This time Mum took him out the back while my sister rang the police. Cole wasn't happy to see the police, and he left.

I myself am still in the safe house, but understand that I will move on when I am ready, when I have the courage and strength. I have a loving family and supportive friends. I feel a lot more confident and I know I'll make it through this.

I'm going to make the most of my life now, for me and my children. Cole can't take that away from me anymore. I've got my whole life ahead of me. I've learnt so much from the Refuge. I am so grateful to be given a second chance.

I wrote a letter back to him saying that I wasn't coming back and to get on with his life. I felt that I was the right thing to do for me and the kids and I had broken the cycle. With the Refuge's help I'm going to start my own new life.

My advice to people in this situation is to follow their dreams of being free, get out when you can, and don't wait for things to become better, they won't. The grass is definitely greener on the other side, don't worry about the bashed wife on top of the fence, it's worth it.

Use the support that Women's Refuge offers and don't look back.

If you find Kelly's story unbelievable, contact 0900 REFUGE or www.womensrefuge.org.nz to donate. If it seems familiar, please just contact us.
